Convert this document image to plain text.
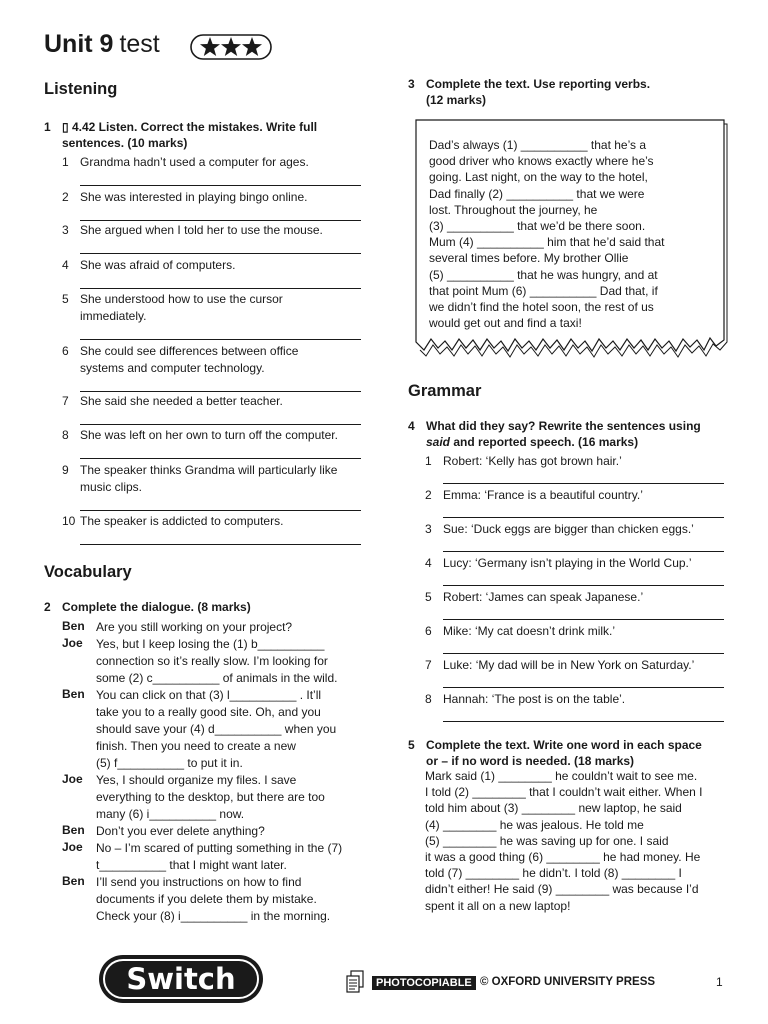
Unit 9 test
Listening
1 ▯ 4.42 Listen. Correct the mistakes. Write full
sentences. (10 marks)
1 Grandma hadn’t used a computer for ages.
2 She was interested in playing bingo online.
3 She argued when I told her to use the mouse.
4 She was afraid of computers.
5 She understood how to use the cursor
immediately.
6 She could see differences between office
systems and computer technology.
7 She said she needed a better teacher.
8 She was left on her own to turn off the computer.
9 The speaker thinks Grandma will particularly like
music clips.
10 The speaker is addicted to computers.
Vocabulary
2 Complete the dialogue. (8 marks)
Ben Are you still working on your project?
Joe Yes, but I keep losing the (1) b__________
connection so it’s really slow. I’m looking for
some (2) c__________ of animals in the wild.
Ben You can click on that (3) l__________ . It’ll
take you to a really good site. Oh, and you
should save your (4) d__________ when you
finish. Then you need to create a new
(5) f__________ to put it in.
Joe Yes, I should organize my files. I save
everything to the desktop, but there are too
many (6) i__________ now.
Ben Don’t you ever delete anything?
Joe No – I’m scared of putting something in the (7)
t__________ that I might want later.
Ben I’ll send you instructions on how to find
documents if you delete them by mistake.
Check your (8) i__________ in the morning.
3 Complete the text. Use reporting verbs.
(12 marks)
Dad’s always (1) __________ that he’s a
good driver who knows exactly where he’s
going. Last night, on the way to the hotel,
Dad finally (2) __________ that we were
lost. Throughout the journey, he
(3) __________ that we’d be there soon.
Mum (4) __________ him that he’d said that
several times before. My brother Ollie
(5) __________ that he was hungry, and at
that point Mum (6) __________ Dad that, if
we didn’t find the hotel soon, the rest of us
would get out and find a taxi!
Grammar
4 What did they say? Rewrite the sentences using
said and reported speech. (16 marks)
1 Robert: ‘Kelly has got brown hair.’
2 Emma: ‘France is a beautiful country.’
3 Sue: ‘Duck eggs are bigger than chicken eggs.’
4 Lucy: ‘Germany isn’t playing in the World Cup.’
5 Robert: ‘James can speak Japanese.’
6 Mike: ‘My cat doesn’t drink milk.’
7 Luke: ‘My dad will be in New York on Saturday.’
8 Hannah: ‘The post is on the table’.
5 Complete the text. Write one word in each space
or – if no word is needed. (18 marks)
Mark said (1) ________ he couldn’t wait to see me.
I told (2) ________ that I couldn’t wait either. When I
told him about (3) ________ new laptop, he said
(4) ________ he was jealous. He told me
(5) ________ he was saving up for one. I said
it was a good thing (6) ________ he had money. He
told (7) ________ he didn’t. I told (8) ________ I
didn’t either! He said (9) ________ was because I’d
spent it all on a new laptop!
Switch	PHOTOCOPIABLE © OXFORD UNIVERSITY PRESS	1
